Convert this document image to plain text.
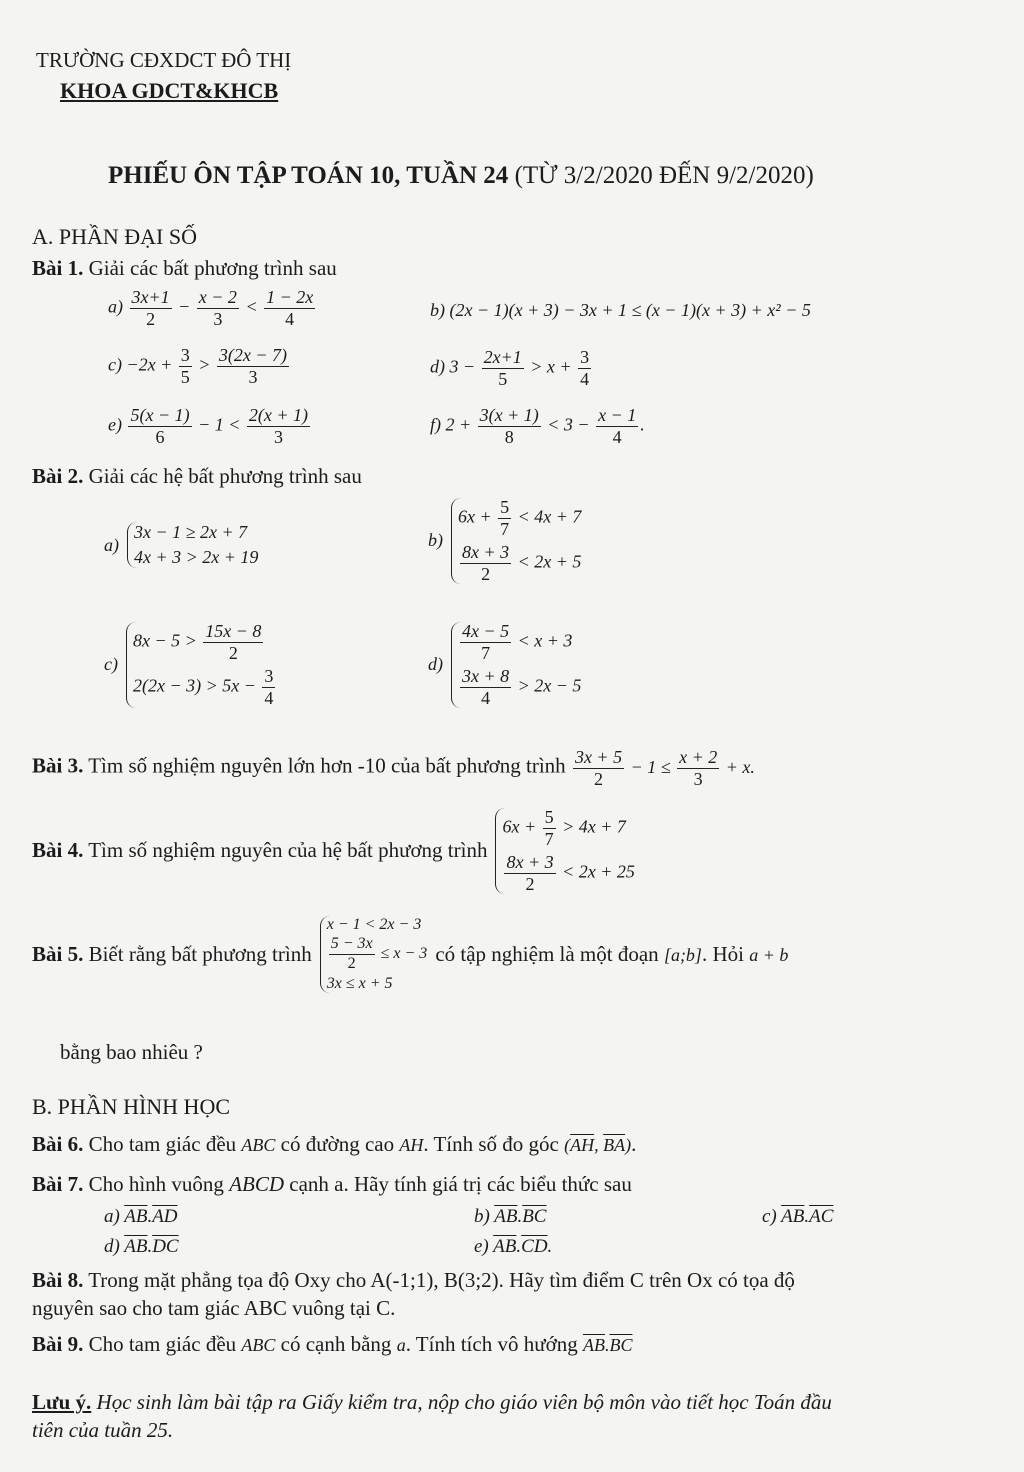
TRƯỜNG CĐXDCT ĐÔ THỊ
KHOA GDCT&KHCB
PHIẾU ÔN TẬP TOÁN 10, TUẦN 24 (TỪ 3/2/2020 ĐẾN 9/2/2020)
A. PHẦN ĐẠI SỐ
Bài 1. Giải các bất phương trình sau
$a) \frac{3x+1}{2} - \frac{x - 2}{3} < \frac{1 - 2x}{4}$	b) (2x − 1)(x + 3) − 3x + 1 ≤ (x − 1)(x + 3) + x² − 5
$c) -2x + \frac{3}{5} > \frac{3(2x - 7)}{3}$	d) $3 - \frac{2x+1}{5} > x + \frac{3}{4}$
$e) \frac{5(x - 1)}{6} - 1 < \frac{2(x + 1)}{3}$	f) $2 + \frac{3(x + 1)}{8} < 3 - \frac{x - 1}{4}$ .
Bài 2. Giải các hệ bất phương trình sau
a)
3x − 1 ≥ 2x + 7
4x + 3 > 2x + 19
b)
$6x + \frac{5}{7} < 4x + 7$
$\frac{8x + 3}{2} < 2x + 5$
c)
$8x - 5 > \frac{15x - 8}{2}$
$2(2x - 3) > 5x - \frac{3}{4}$
d)
$\frac{4x - 5}{7} < x + 3$
$\frac{3x + 8}{4} > 2x - 5$
Bài 3. Tìm số nghiệm nguyên lớn hơn -10 của bất phương trình $\frac{3x + 5}{2} - 1 \le \frac{x + 2}{3} + x$.
Bài 4. Tìm số nghiệm nguyên của hệ bất phương trình
$6x + \frac{5}{7} > 4x + 7$
$\frac{8x + 3}{2} < 2x + 25$
Bài 5. Biết rằng bất phương trình
x − 1 < 2x − 3
$\frac{5 - 3x}{2} \le x - 3$
3x ≤ x + 5
có tập nghiệm là một đoạn [a;b]. Hỏi a + b
bằng bao nhiêu ?
B. PHẦN HÌNH HỌC
Bài 6. Cho tam giác đều ABC có đường cao AH. Tính số đo góc ($\overline{AH}$, $\overline{BA}$).
Bài 7. Cho hình vuông ABCD cạnh a. Hãy tính giá trị các biểu thức sau
a) $\overline{AB}.\overline{AD}$	b) $\overline{AB}.\overline{BC}$	c) $\overline{AB}.\overline{AC}$
d) $\overline{AB}.\overline{DC}$	e) $\overline{AB}.\overline{CD}$.
Bài 8. Trong mặt phẳng tọa độ Oxy cho A(-1;1), B(3;2). Hãy tìm điểm C trên Ox có tọa độ
nguyên sao cho tam giác ABC vuông tại C.
Bài 9. Cho tam giác đều ABC có cạnh bằng a. Tính tích vô hướng $\overline{AB}.\overline{BC}$
Lưu ý. Học sinh làm bài tập ra Giấy kiểm tra, nộp cho giáo viên bộ môn vào tiết học Toán đầu
tiên của tuần 25.
